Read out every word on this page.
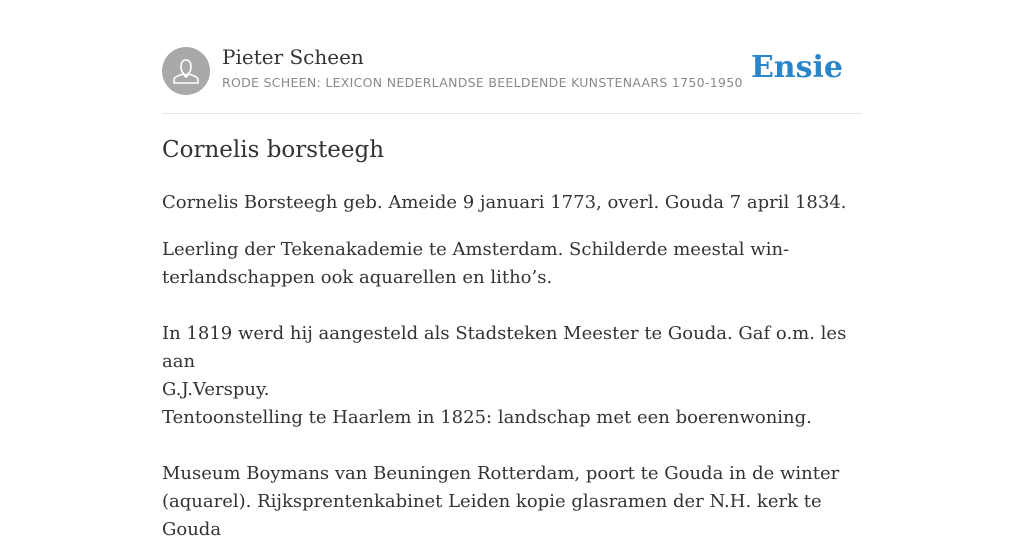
Pieter Scheen
RODE SCHEEN: LEXICON NEDERLANDSE BEELDENDE KUNSTENAARS 1750-1950 Ensie
Cornelis borsteegh

Cornelis Borsteegh geb. Ameide 9 januari 1773, overl. Gouda 7 april 1834.

Leerling der Tekenakademie te Amsterdam. Schilderde meestal win-
terlandschappen ook aquarellen en litho’s.

In 1819 werd hij aangesteld als Stadsteken Meester te Gouda. Gaf o.m. les aan
G.J.Verspuy.

Tentoonstelling te Haarlem in 1825: landschap met een boerenwoning.

Museum Boymans van Beuningen Rotterdam, poort te Gouda in de winter
(aquarel). Rijksprentenkabinet Leiden kopie glasramen der N.H. kerk te Gouda
